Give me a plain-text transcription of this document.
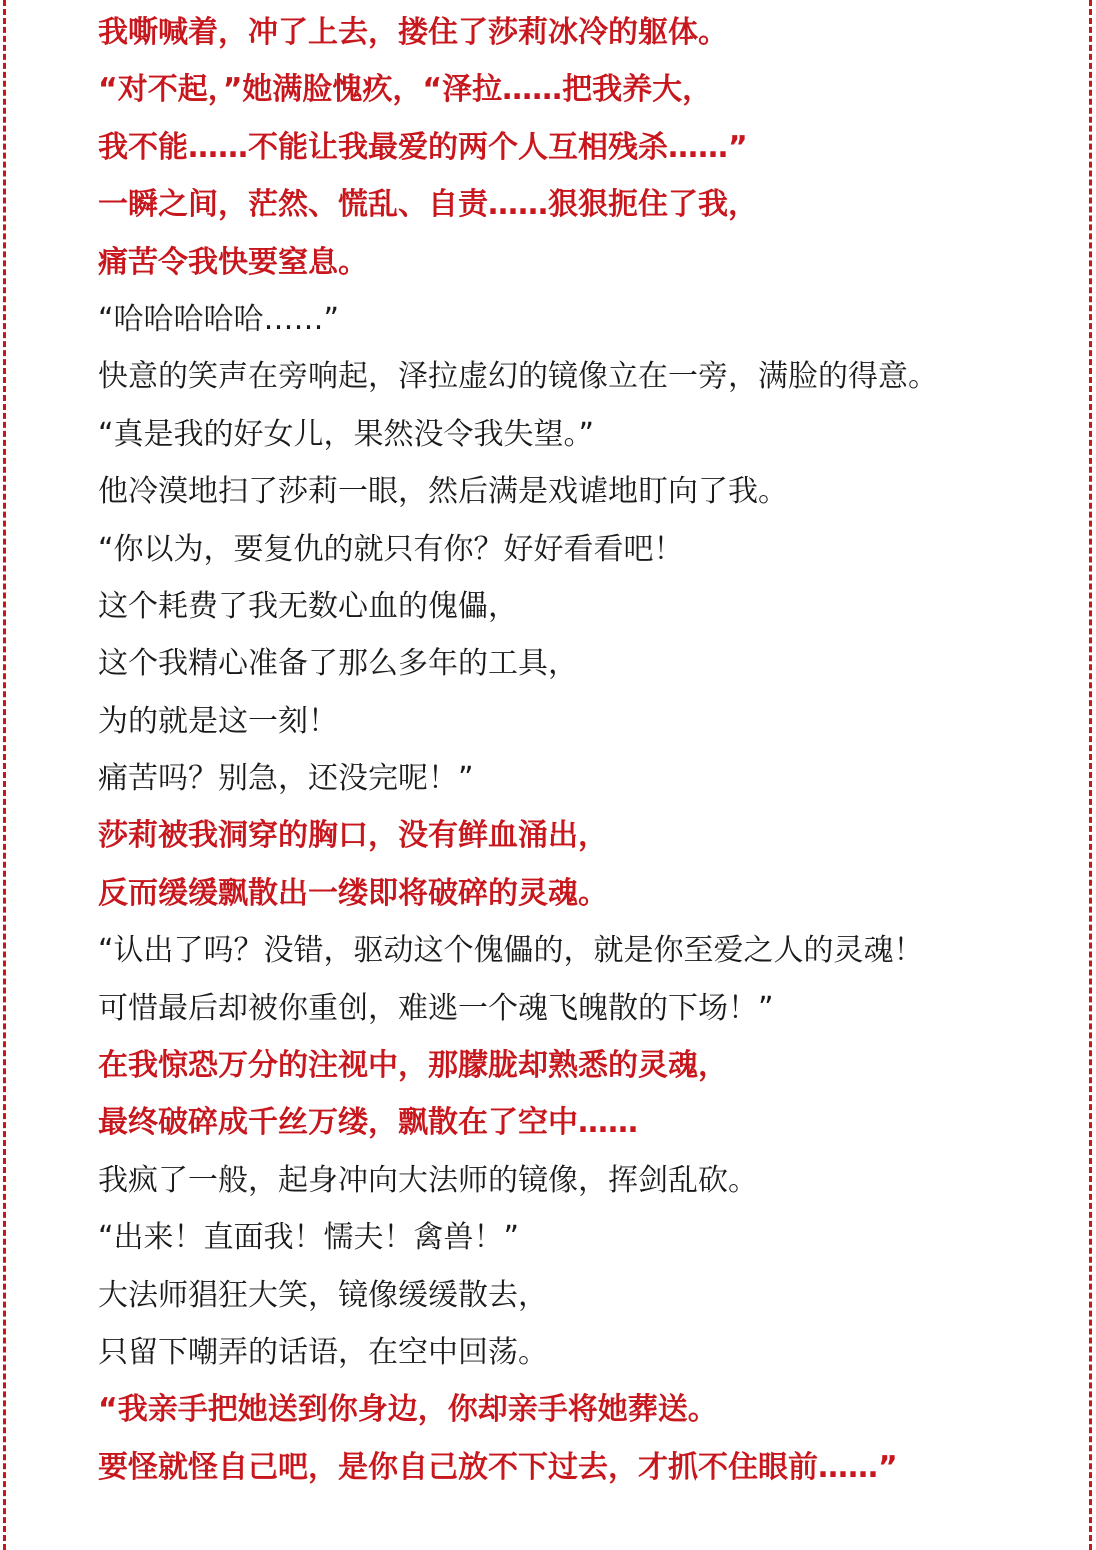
我嘶喊着，冲了上去，搂住了莎莉冰冷的躯体。
“对不起，”她满脸愧疚，“泽拉……把我养大，
我不能……不能让我最爱的两个人互相残杀……”
一瞬之间，茫然、慌乱、自责……狠狠扼住了我，
痛苦令我快要窒息。
“哈哈哈哈哈……”
快意的笑声在旁响起，泽拉虚幻的镜像立在一旁，满脸的得意。
“真是我的好女儿，果然没令我失望。”
他冷漠地扫了莎莉一眼，然后满是戏谑地盯向了我。
“你以为，要复仇的就只有你？好好看看吧！
这个耗费了我无数心血的傀儡，
这个我精心准备了那么多年的工具，
为的就是这一刻！
痛苦吗？别急，还没完呢！”
莎莉被我洞穿的胸口，没有鲜血涌出，
反而缓缓飘散出一缕即将破碎的灵魂。
“认出了吗？没错，驱动这个傀儡的，就是你至爱之人的灵魂！
可惜最后却被你重创，难逃一个魂飞魄散的下场！”
在我惊恐万分的注视中，那朦胧却熟悉的灵魂，
最终破碎成千丝万缕，飘散在了空中……
我疯了一般，起身冲向大法师的镜像，挥剑乱砍。
“出来！直面我！懦夫！禽兽！”
大法师猖狂大笑，镜像缓缓散去，
只留下嘲弄的话语，在空中回荡。
“我亲手把她送到你身边，你却亲手将她葬送。
要怪就怪自己吧，是你自己放不下过去，才抓不住眼前……”
